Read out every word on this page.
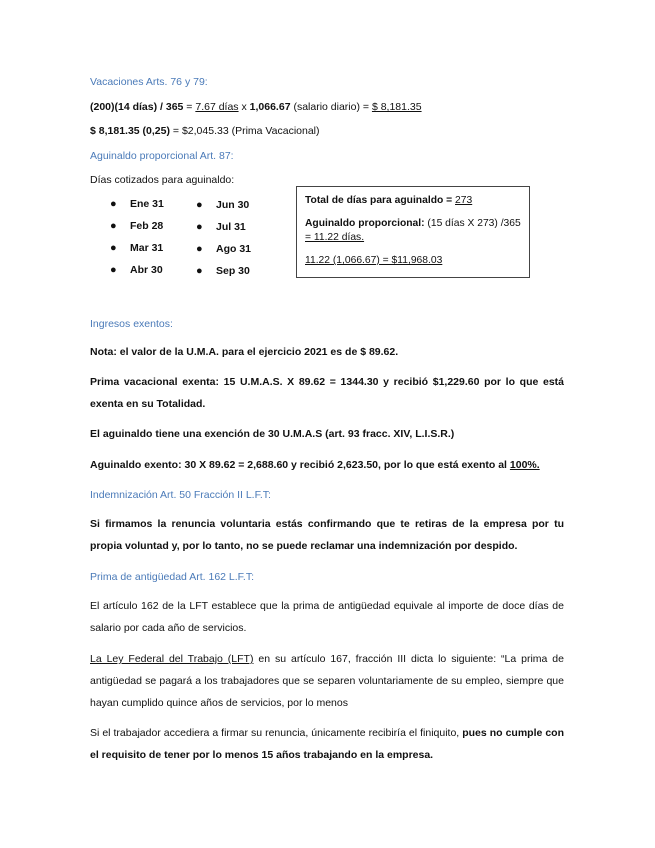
Vacaciones Arts. 76 y 79:
(200)(14 días) / 365 = 7.67 días x 1,066.67 (salario diario) = $ 8,181.35
$ 8,181.35 (0,25) = $2,045.33 (Prima Vacacional)
Aguinaldo proporcional Art. 87:
Días cotizados para aguinaldo:
● Ene 31
● Feb 28
● Mar 31
● Abr 30
● Jun 30
● Jul 31
● Ago 31
● Sep 30
Total de días para aguinaldo = 273
Aguinaldo proporcional: (15 días X 273) /365
= 11.22 días.
11.22 (1,066.67) = $11,968.03
Ingresos exentos:
Nota: el valor de la U.M.A. para el ejercicio 2021 es de $ 89.62.
Prima vacacional exenta: 15 U.M.A.S. X 89.62 = 1344.30 y recibió $1,229.60 por lo que está exenta en su Totalidad.
El aguinaldo tiene una exención de 30 U.M.A.S (art. 93 fracc. XIV, L.I.S.R.)
Aguinaldo exento: 30 X 89.62 = 2,688.60 y recibió 2,623.50, por lo que está exento al 100%.
Indemnización Art. 50 Fracción II L.F.T:
Si firmamos la renuncia voluntaria estás confirmando que te retiras de la empresa por tu propia voluntad y, por lo tanto, no se puede reclamar una indemnización por despido.
Prima de antigüedad Art. 162 L.F.T:
El artículo 162 de la LFT establece que la prima de antigüedad equivale al importe de doce días de salario por cada año de servicios.
La Ley Federal del Trabajo (LFT) en su artículo 167, fracción III dicta lo siguiente: “La prima de antigüedad se pagará a los trabajadores que se separen voluntariamente de su empleo, siempre que hayan cumplido quince años de servicios, por lo menos
Si el trabajador accediera a firmar su renuncia, únicamente recibiría el finiquito, pues no cumple con el requisito de tener por lo menos 15 años trabajando en la empresa.
